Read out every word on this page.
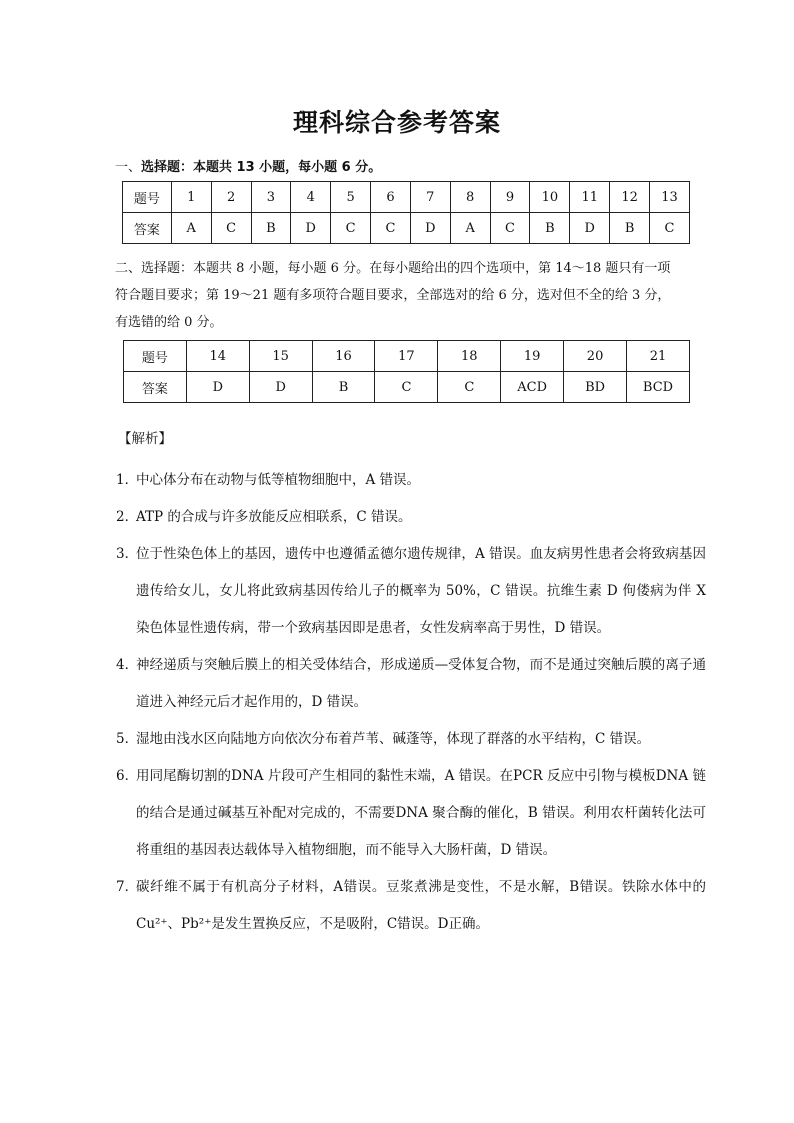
理科综合参考答案
一、选择题：本题共 13 小题，每小题 6 分。
题号	1	2	3	4	5	6	7	8	9	10	11	12	13
答案	A	C	B	D	C	C	D	A	C	B	D	B	C
二、选择题：本题共 8 小题，每小题 6 分。在每小题给出的四个选项中，第 14～18 题只有一项
符合题目要求；第 19～21 题有多项符合题目要求，全部选对的给 6 分，选对但不全的给 3 分，
有选错的给 0 分。
题号	14	15	16	17	18	19	20	21
答案	D	D	B	C	C	ACD	BD	BCD
【解析】
1．
中心体分布在动物与低等植物细胞中，A 错误。
2．
ATP 的合成与许多放能反应相联系，C 错误。
3．
位于性染色体上的基因，遗传中也遵循孟德尔遗传规律，A 错误。血友病男性患者会将致病基因遗传给女儿，女儿将此致病基因传给儿子的概率为 50%，C 错误。抗维生素 D 佝偻病为伴 X 染色体显性遗传病，带一个致病基因即是患者，女性发病率高于男性，D 错误。
4．
神经递质与突触后膜上的相关受体结合，形成递质—受体复合物，而不是通过突触后膜的离子通道进入神经元后才起作用的，D 错误。
5．
湿地由浅水区向陆地方向依次分布着芦苇、碱蓬等，体现了群落的水平结构，C 错误。
6．
用同尾酶切割的DNA 片段可产生相同的黏性末端，A 错误。在PCR 反应中引物与模板DNA 链的结合是通过碱基互补配对完成的，不需要DNA 聚合酶的催化，B 错误。利用农杆菌转化法可将重组的基因表达载体导入植物细胞，而不能导入大肠杆菌，D 错误。
7．
碳纤维不属于有机高分子材料，A错误。豆浆煮沸是变性，不是水解，B错误。铁除水体中的Cu²⁺、Pb²⁺是发生置换反应，不是吸附，C错误。D正确。
